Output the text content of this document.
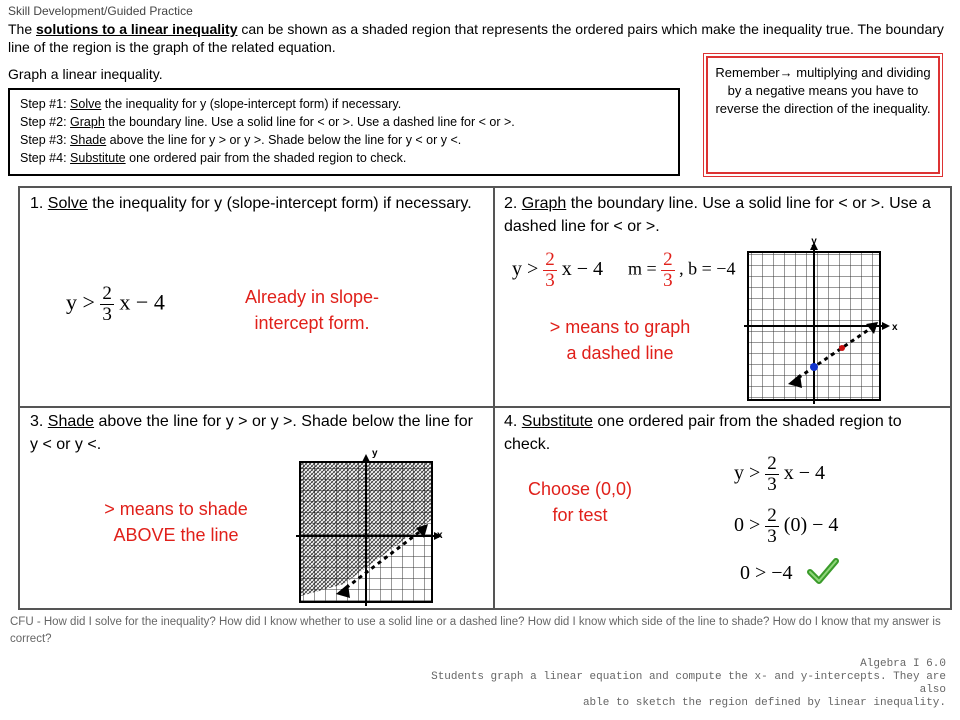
Skill Development/Guided Practice
The solutions to a linear inequality can be shown as a shaded region that represents the ordered pairs which make the inequality true. The boundary line of the region is the graph of the related equation.
Graph a linear inequality.
Step #1: Solve the inequality for y (slope-intercept form) if necessary.
Step #2: Graph the boundary line. Use a solid line for < or >. Use a dashed line for < or >.
Step #3: Shade above the line for y > or y >. Shade below the line for y < or y <.
Step #4: Substitute one ordered pair from the shaded region to check.
Remember→ multiplying and dividing by a negative means you have to reverse the direction of the inequality.
1. Solve the inequality for y (slope-intercept form) if necessary.
$y > \frac{2}{3}$ x − 4	Already in slope-
intercept form.
2. Graph the boundary line. Use a solid line for < or >. Use a dashed line for < or >.
$y > \frac{2}{3}$ x − 4 $m = \frac{2}{3}$ , b = −4
> means to graph
a dashed line
y
x
3. Shade above the line for y > or y >. Shade below the line for y < or y <.
> means to shade
ABOVE the line
y
x
4. Substitute one ordered pair from the shaded region to check.
Choose (0,0)
for test
$y > \frac{2}{3}$ x − 4
$0 > \frac{2}{3} (0) - 4$
0 > −4
CFU - How did I solve for the inequality? How did I know whether to use a solid line or a dashed line? How did I know which side of the line to shade? How do I know that my answer is correct?
Algebra I 6.0
Students graph a linear equation and compute the x- and y-intercepts. They are also
able to sketch the region defined by linear inequality.
